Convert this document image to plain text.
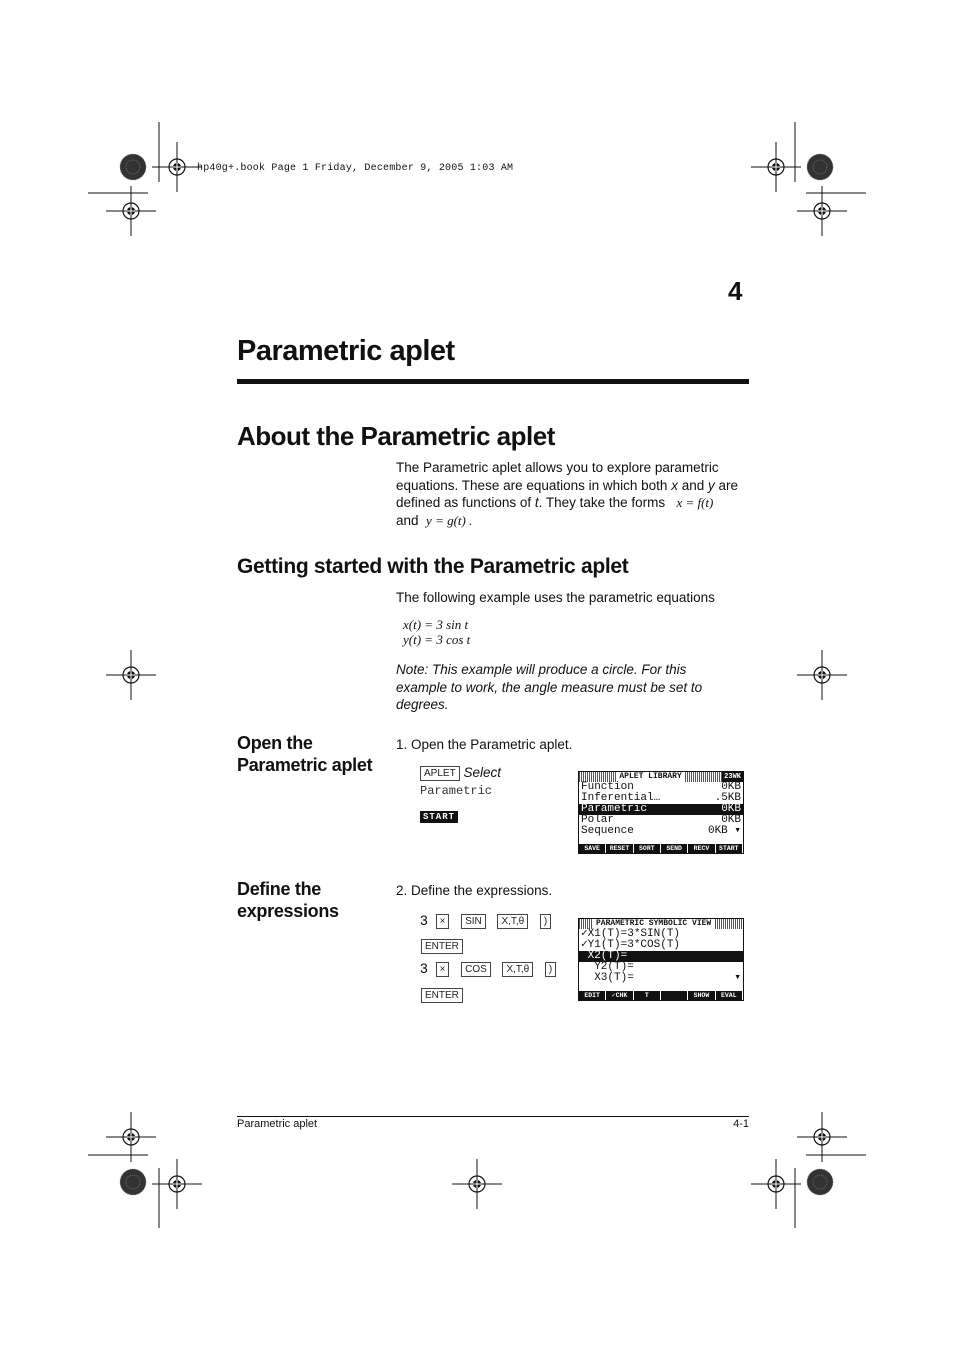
hp40g+.book Page 1 Friday, December 9, 2005 1:03 AM
4
Parametric aplet
About the Parametric aplet
The Parametric aplet allows you to explore parametric
equations. These are equations in which both x and y are
defined as functions of t. They take the forms x = f(t)
and y = g(t) .
Getting started with the Parametric aplet
The following example uses the parametric equations
x(t) = 3 sin t
y(t) = 3 cos t
Note: This example will produce a circle. For this
example to work, the angle measure must be set to
degrees.
Open the
Parametric aplet
1. Open the Parametric aplet.
APLET Select
Parametric
START
APLET LIBRARY	23WK
Function	0KB
Inferential…	.5KB
Parametric	0KB
Polar	0KB
Sequence	0KB ▾
SAVE	RESET	SORT	SEND	RECV	START
Define the
expressions
2. Define the expressions.
3 × SIN X,T,θ )
ENTER
3 × COS X,T,θ )
ENTER
PARAMETRIC SYMBOLIC VIEW
✓X1(T)=3*SIN(T)
✓Y1(T)=3*COS(T)
X2(T)=
Y2(T)=
X3(T)=	▾
EDIT	✓CHK	T	SHOW	EVAL
Parametric aplet	4-1
